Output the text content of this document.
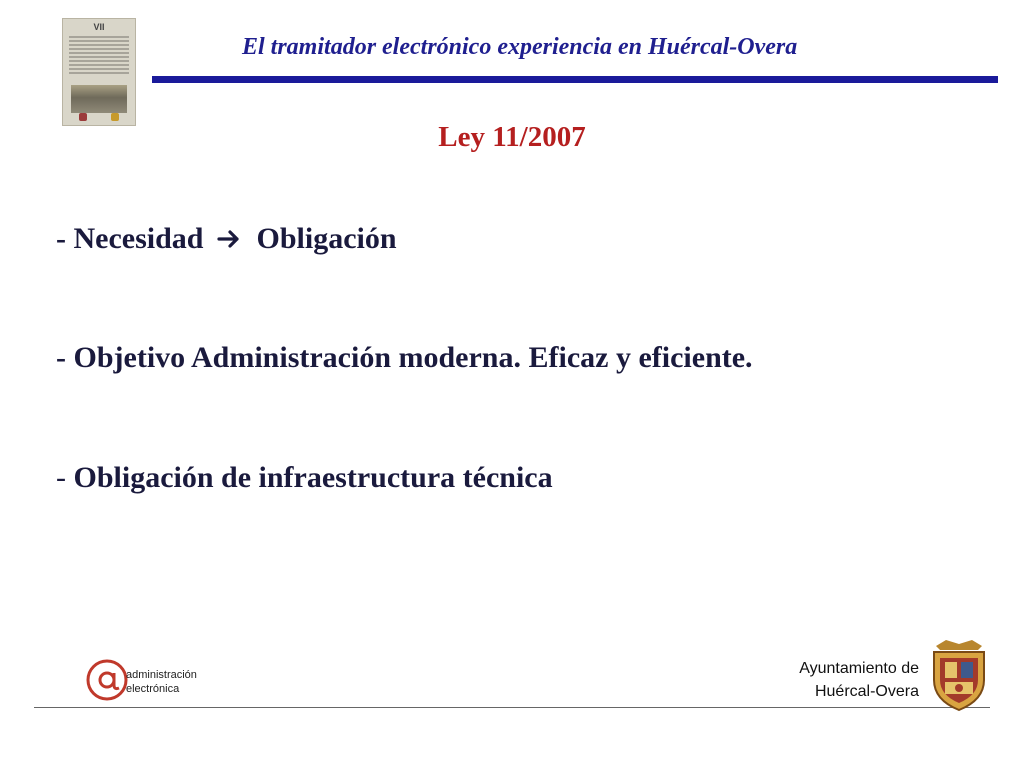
VII
El tramitador electrónico experiencia en Huércal-Overa
Ley 11/2007
- Necesidad Obligación
- Objetivo Administración moderna. Eficaz y eficiente.
- Obligación de infraestructura técnica
administración
electrónica
Ayuntamiento de
Huércal-Overa
